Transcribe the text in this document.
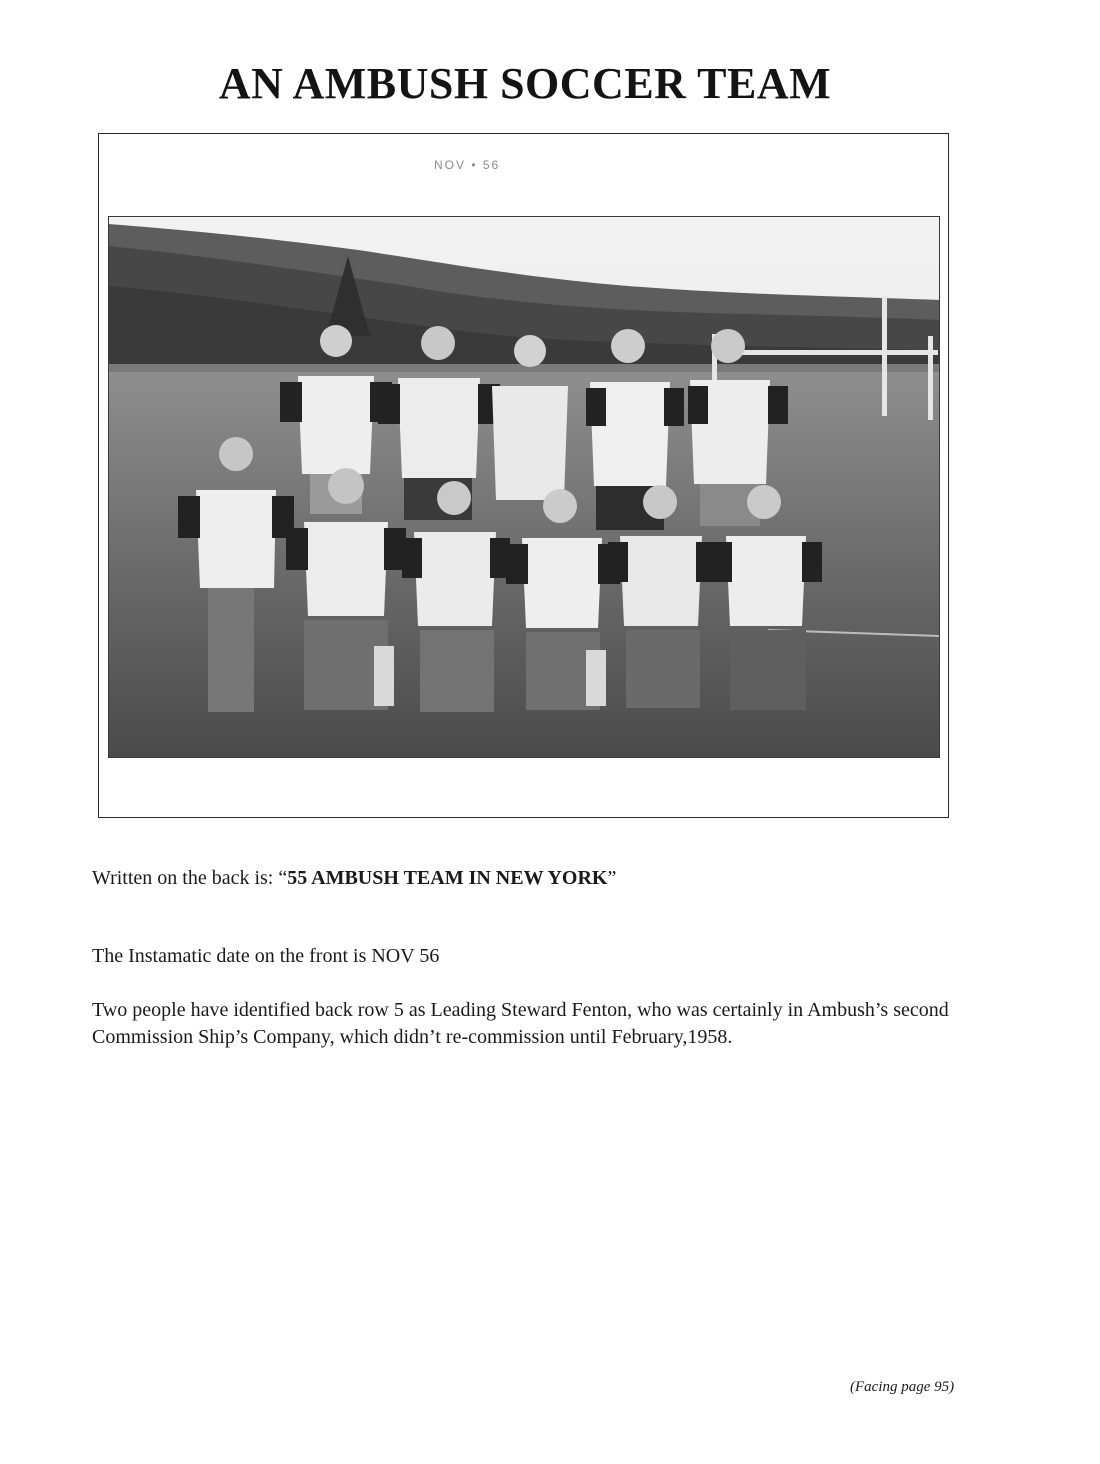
AN AMBUSH SOCCER TEAM
NOV • 56
Written on the back is: “55 AMBUSH TEAM IN NEW YORK”
The Instamatic date on the front is NOV 56
Two people have identified back row 5 as Leading Steward Fenton, who was certainly in Ambush’s second Commission Ship’s Company, which didn’t re-commission until February,1958.
(Facing page 95)
